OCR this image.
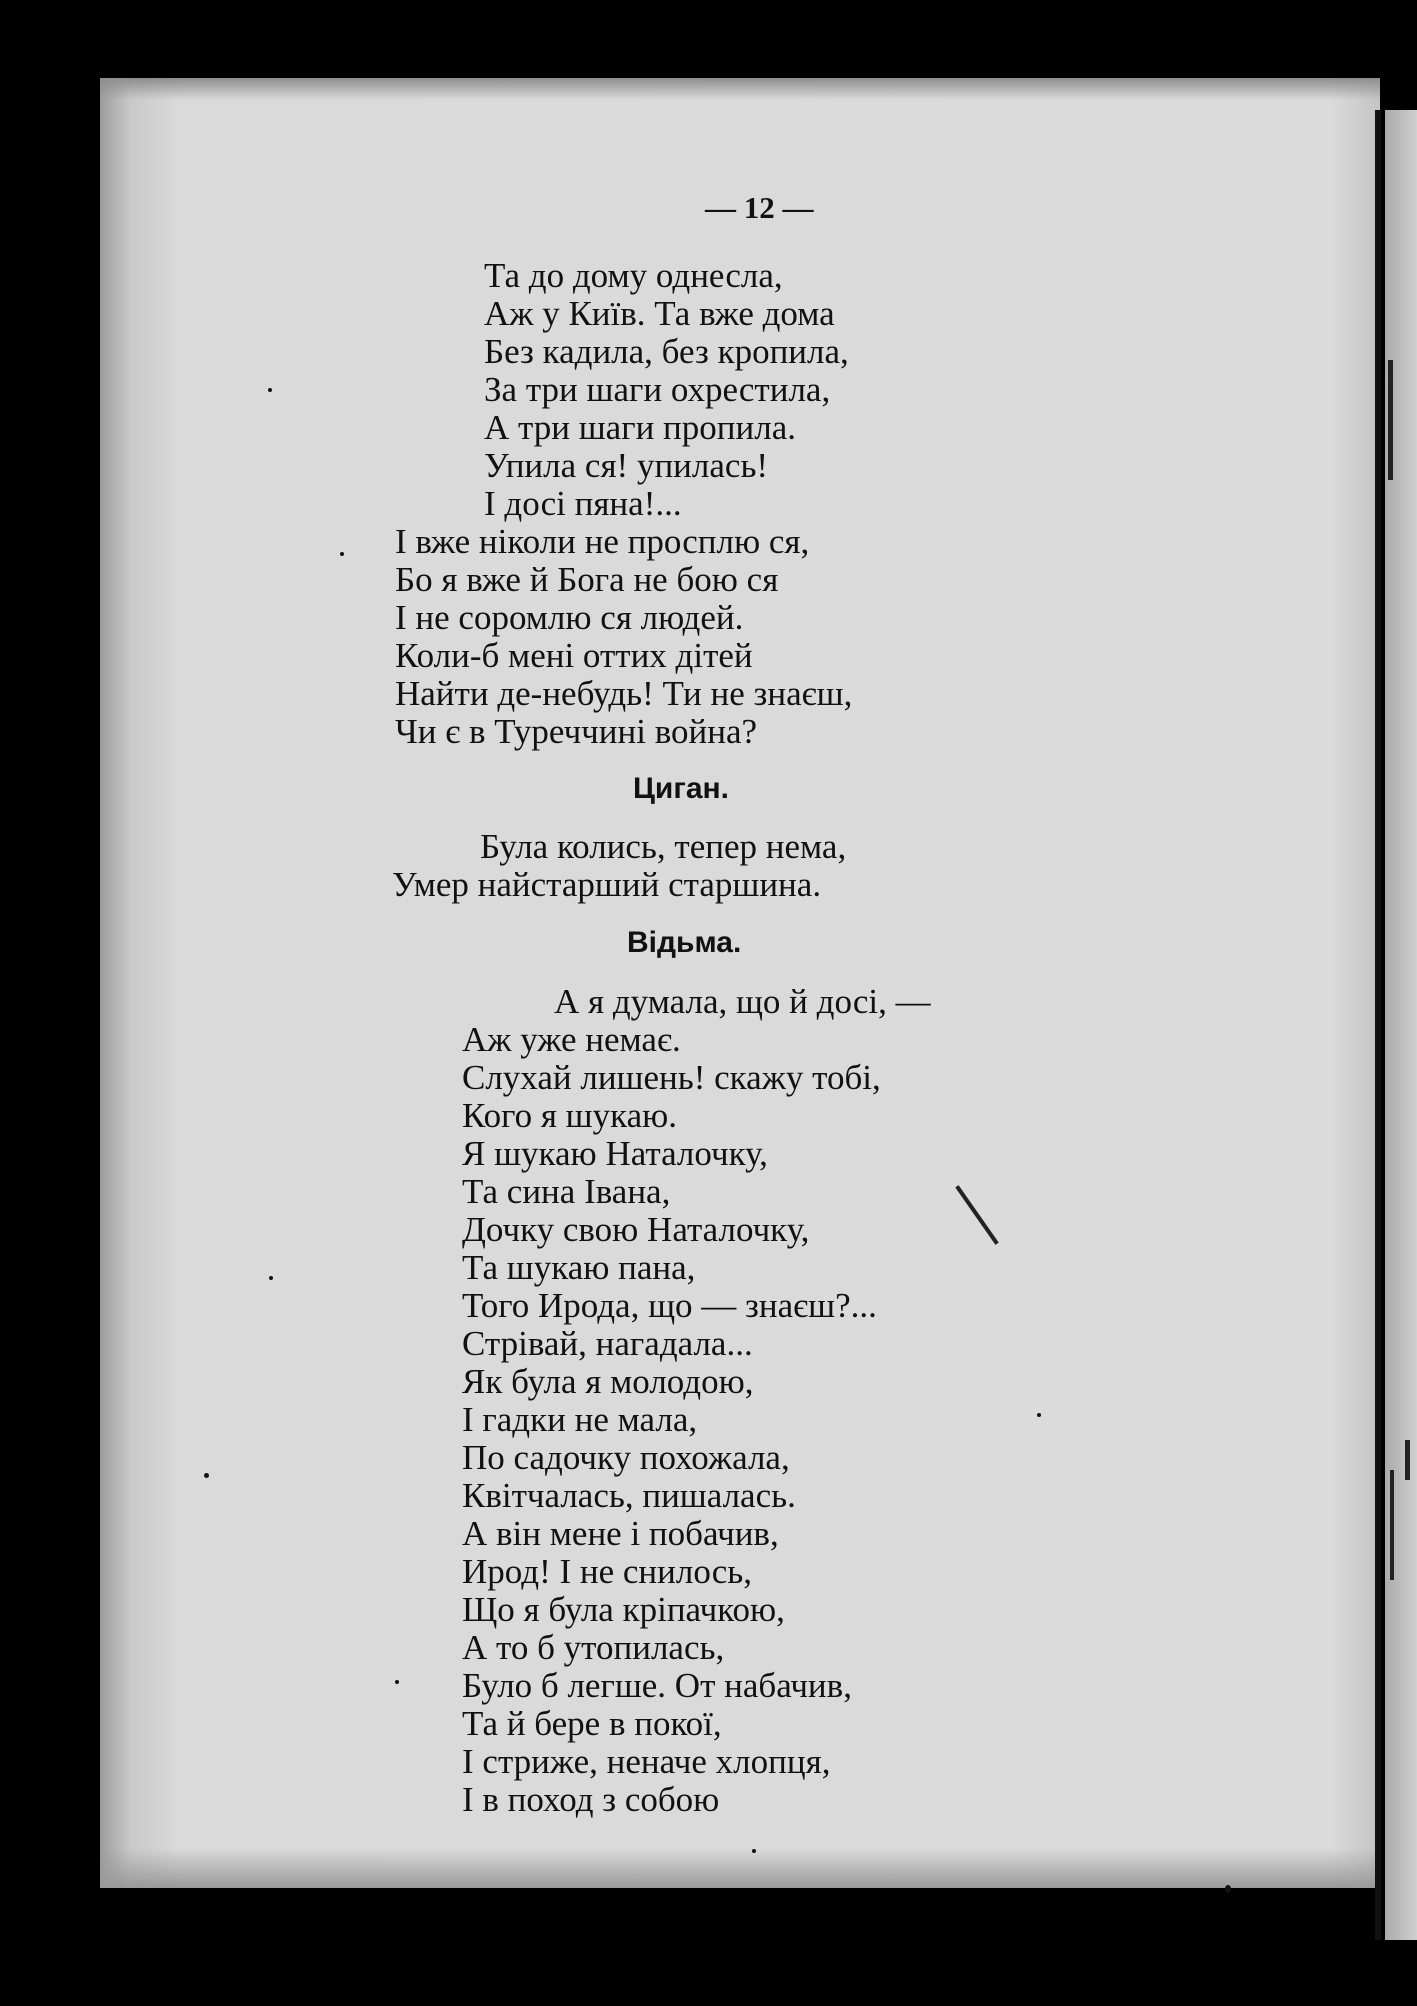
— 12 —
Та до дому однесла,
Аж у Київ. Та вже дома
Без кадила, без кропила,
За три шаги охрестила,
А три шаги пропила.
Упила ся! упилась!
І досі пяна!...
І вже ніколи не просплю ся,
Бо я вже й Бога не бою ся
І не соромлю ся людей.
Коли-б мені оттих дітей
Найти де-небудь! Ти не знаєш,
Чи є в Туреччині война?
Циган.
Була колись, тепер нема,
Умер найстарший старшина.
Відьма.
А я думала, що й досі, —
Аж уже немає.
Слухай лишень! скажу тобі,
Кого я шукаю.
Я шукаю Наталочку,
Та сина Івана,
Дочку свою Наталочку,
Та шукаю пана,
Того Ирода, що — знаєш?...
Стрівай, нагадала...
Як була я молодою,
І гадки не мала,
По садочку похожала,
Квітчалась, пишалась.
А він мене і побачив,
Ирод! І не снилось,
Що я була кріпачкою,
А то б утопилась,
Було б легше. От набачив,
Та й бере в покої,
І стриже, неначе хлопця,
І в поход з собою
